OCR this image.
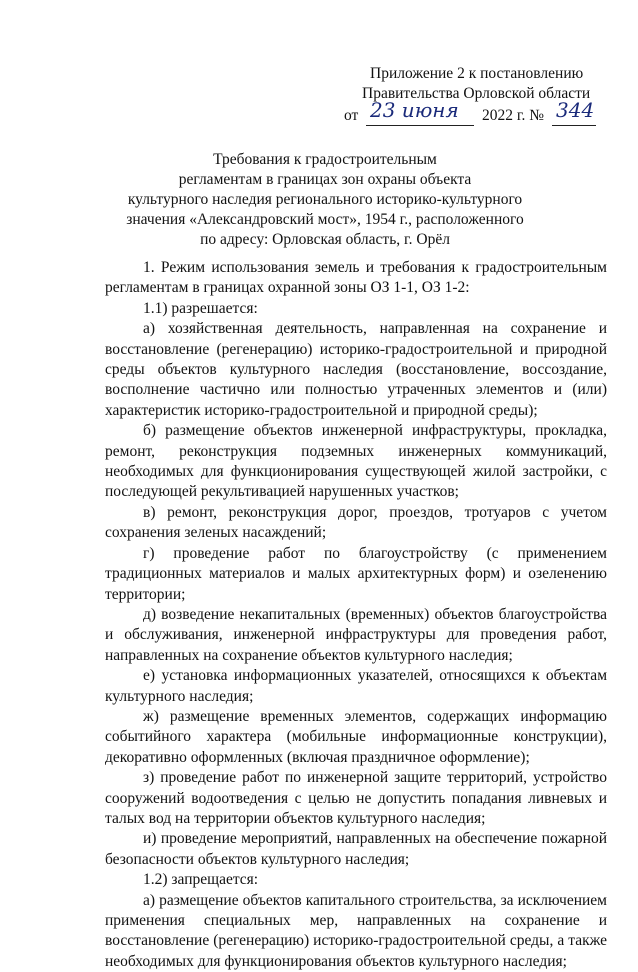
Приложение 2 к постановлению
Правительства Орловской области
от 23 июня 2022 г. № 344
Требования к градостроительным
регламентам в границах зон охраны объекта
культурного наследия регионального историко-культурного
значения «Александровский мост», 1954 г., расположенного
по адресу: Орловская область, г. Орёл

1. Режим использования земель и требования к градостроительным регламентам в границах охранной зоны ОЗ 1-1, ОЗ 1-2:

1.1) разрешается:

а) хозяйственная деятельность, направленная на сохранение и восстановление (регенерацию) историко-градостроительной и природной среды объектов культурного наследия (восстановление, воссоздание, восполнение частично или полностью утраченных элементов и (или) характеристик историко-градостроительной и природной среды);

б) размещение объектов инженерной инфраструктуры, прокладка, ремонт, реконструкция подземных инженерных коммуникаций, необходимых для функционирования существующей жилой застройки, с последующей рекультивацией нарушенных участков;

в) ремонт, реконструкция дорог, проездов, тротуаров с учетом сохранения зеленых насаждений;

г) проведение работ по благоустройству (с применением традиционных материалов и малых архитектурных форм) и озеленению территории;

д) возведение некапитальных (временных) объектов благоустройства и обслуживания, инженерной инфраструктуры для проведения работ, направленных на сохранение объектов культурного наследия;

е) установка информационных указателей, относящихся к объектам культурного наследия;

ж) размещение временных элементов, содержащих информацию событийного характера (мобильные информационные конструкции), декоративно оформленных (включая праздничное оформление);

з) проведение работ по инженерной защите территорий, устройство сооружений водоотведения с целью не допустить попадания ливневых и талых вод на территории объектов культурного наследия;

и) проведение мероприятий, направленных на обеспечение пожарной безопасности объектов культурного наследия;

1.2) запрещается:

а) размещение объектов капитального строительства, за исключением применения специальных мер, направленных на сохранение и восстановление (регенерацию) историко-градостроительной среды, а также необходимых для функционирования объектов культурного наследия;
